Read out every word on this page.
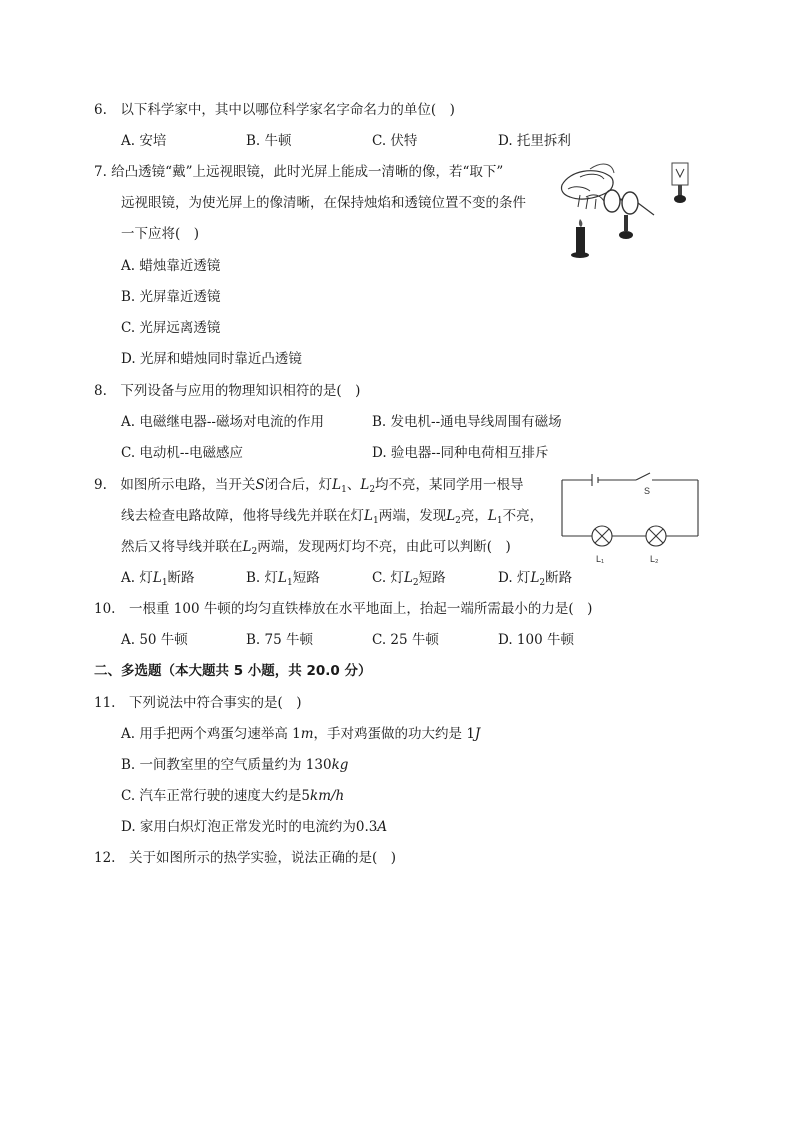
6.　以下科学家中，其中以哪位科学家名字命名力的单位(　)
A. 安培	B. 牛顿	C. 伏特	D. 托里拆利
7. 给凸透镜“戴”上远视眼镜，此时光屏上能成一清晰的像，若“取下”
远视眼镜，为使光屏上的像清晰，在保持烛焰和透镜位置不变的条件
一下应将(　)
A. 蜡烛靠近透镜
B. 光屏靠近透镜
C. 光屏远离透镜
D. 光屏和蜡烛同时靠近凸透镜
8.　下列设备与应用的物理知识相符的是(　)
A. 电磁继电器--磁场对电流的作用	B. 发电机--通电导线周围有磁场
C. 电动机--电磁感应	D. 验电器--同种电荷相互排斥
9.　如图所示电路，当开关S闭合后，灯$L_1$、$L_2$均不亮，某同学用一根导
线去检查电路故障，他将导线先并联在灯$L_1$两端，发现$L_2$亮，$L_1$不亮，
然后又将导线并联在$L_2$两端，发现两灯均不亮，由此可以判断(　)
A. 灯$L_1$断路	B. 灯$L_1$短路	C. 灯$L_2$短路	D. 灯$L_2$断路
S
L₁	L₂
10.　一根重 100 牛顿的均匀直铁棒放在水平地面上，抬起一端所需最小的力是(　)
A. 50 牛顿	B. 75 牛顿	C. 25 牛顿	D. 100 牛顿
二、多选题（本大题共 5 小题，共 20.0 分）
11.　下列说法中符合事实的是(　)
A. 用手把两个鸡蛋匀速举高 1m，手对鸡蛋做的功大约是 1J
B. 一间教室里的空气质量约为 130kg
C. 汽车正常行驶的速度大约是5km/h
D. 家用白炽灯泡正常发光时的电流约为0.3A
12.　关于如图所示的热学实验，说法正确的是(　)
